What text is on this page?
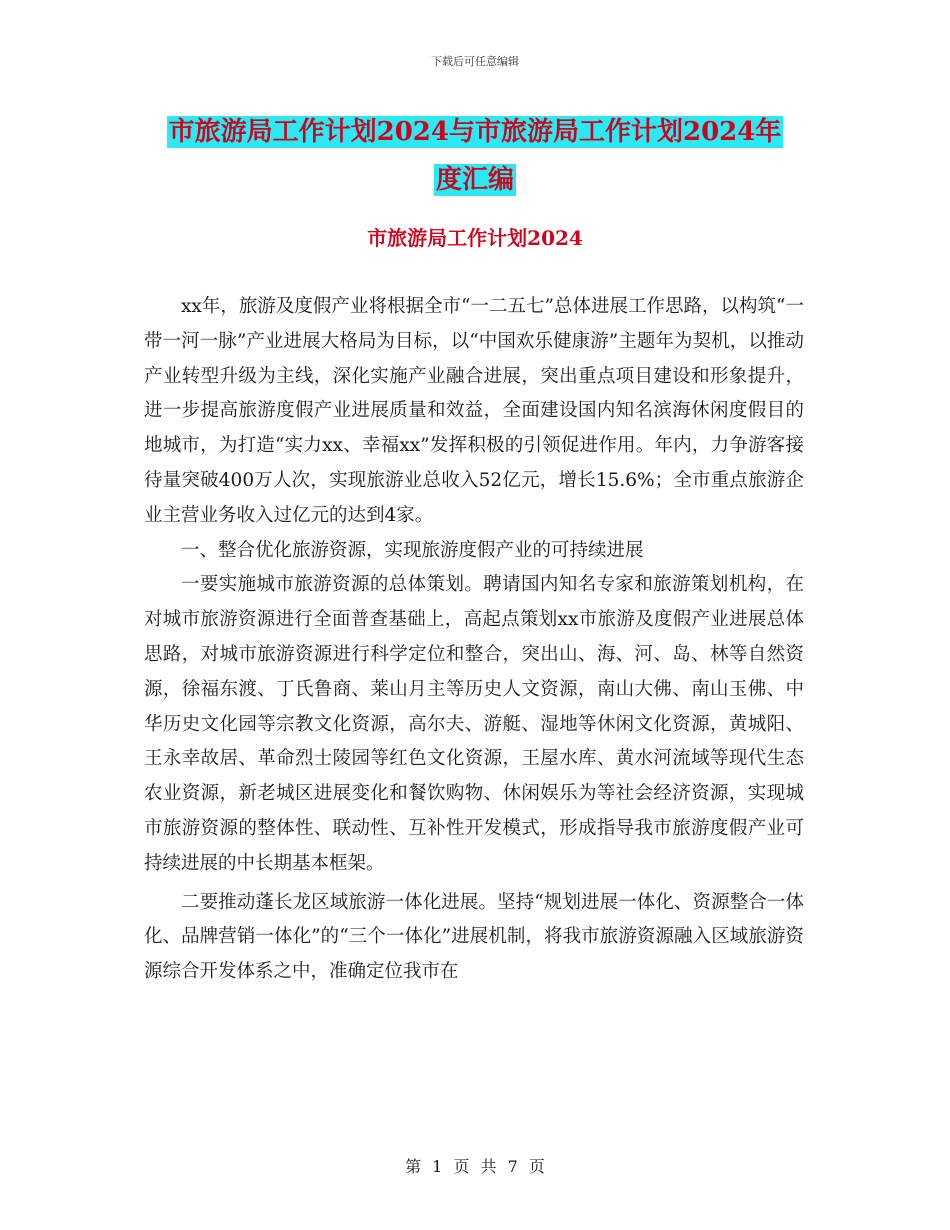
下载后可任意编辑
市旅游局工作计划2024与市旅游局工作计划2024年
度汇编
市旅游局工作计划2024

xx年，旅游及度假产业将根据全市“一二五七”总体进展工作思路，以构筑“一带一河一脉”产业进展大格局为目标，以“中国欢乐健康游”主题年为契机，以推动产业转型升级为主线，深化实施产业融合进展，突出重点项目建设和形象提升，进一步提高旅游度假产业进展质量和效益，全面建设国内知名滨海休闲度假目的地城市，为打造“实力xx、幸福xx”发挥积极的引领促进作用。年内，力争游客接待量突破400万人次，实现旅游业总收入52亿元，增长15.6%；全市重点旅游企业主营业务收入过亿元的达到4家。

一、整合优化旅游资源，实现旅游度假产业的可持续进展

一要实施城市旅游资源的总体策划。聘请国内知名专家和旅游策划机构，在对城市旅游资源进行全面普查基础上，高起点策划xx市旅游及度假产业进展总体思路，对城市旅游资源进行科学定位和整合，突出山、海、河、岛、林等自然资源，徐福东渡、丁氏鲁商、莱山月主等历史人文资源，南山大佛、南山玉佛、中华历史文化园等宗教文化资源，高尔夫、游艇、湿地等休闲文化资源，黄城阳、王永幸故居、革命烈士陵园等红色文化资源，王屋水库、黄水河流域等现代生态农业资源，新老城区进展变化和餐饮购物、休闲娱乐为等社会经济资源，实现城市旅游资源的整体性、联动性、互补性开发模式，形成指导我市旅游度假产业可持续进展的中长期基本框架。

二要推动蓬长龙区域旅游一体化进展。坚持“规划进展一体化、资源整合一体化、品牌营销一体化”的“三个一体化”进展机制，将我市旅游资源融入区域旅游资源综合开发体系之中，准确定位我市在

第 1 页 共 7 页
